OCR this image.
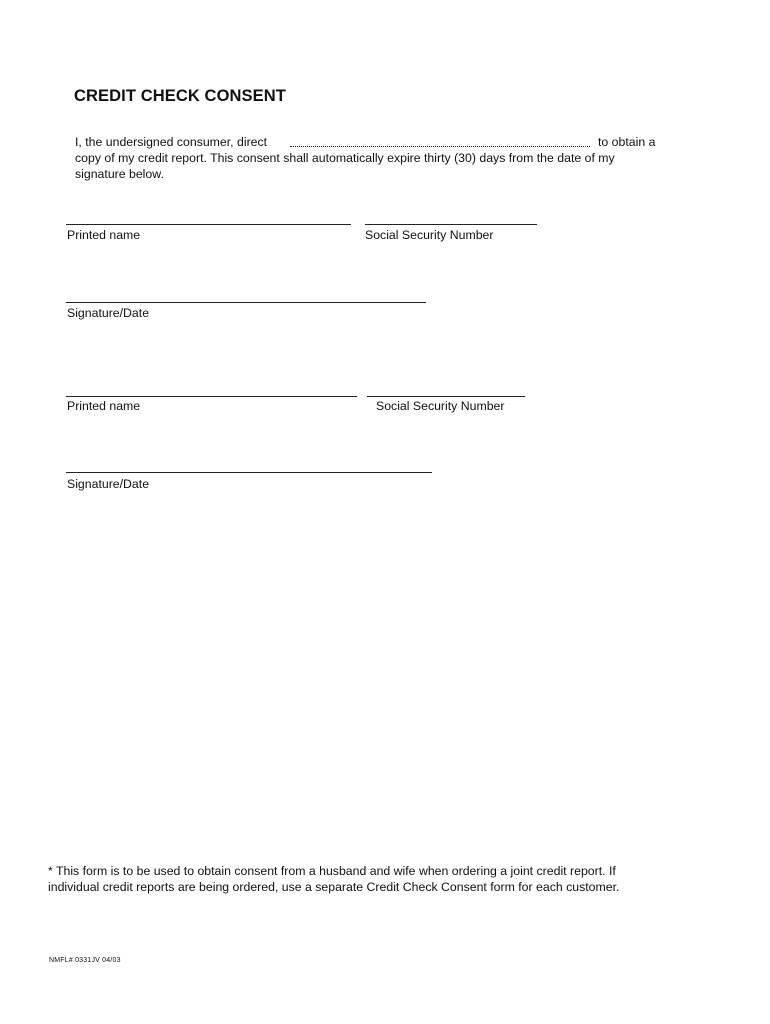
CREDIT CHECK CONSENT
I, the undersigned consumer, direct	to obtain a
copy of my credit report. This consent shall automatically expire thirty (30) days from the date of my
signature below.
Printed name	Social Security Number
Signature/Date
Printed name	Social Security Number
Signature/Date
* This form is to be used to obtain consent from a husband and wife when ordering a joint credit report. If
individual credit reports are being ordered, use a separate Credit Check Consent form for each customer.
NMFL# 0331JV 04/03
